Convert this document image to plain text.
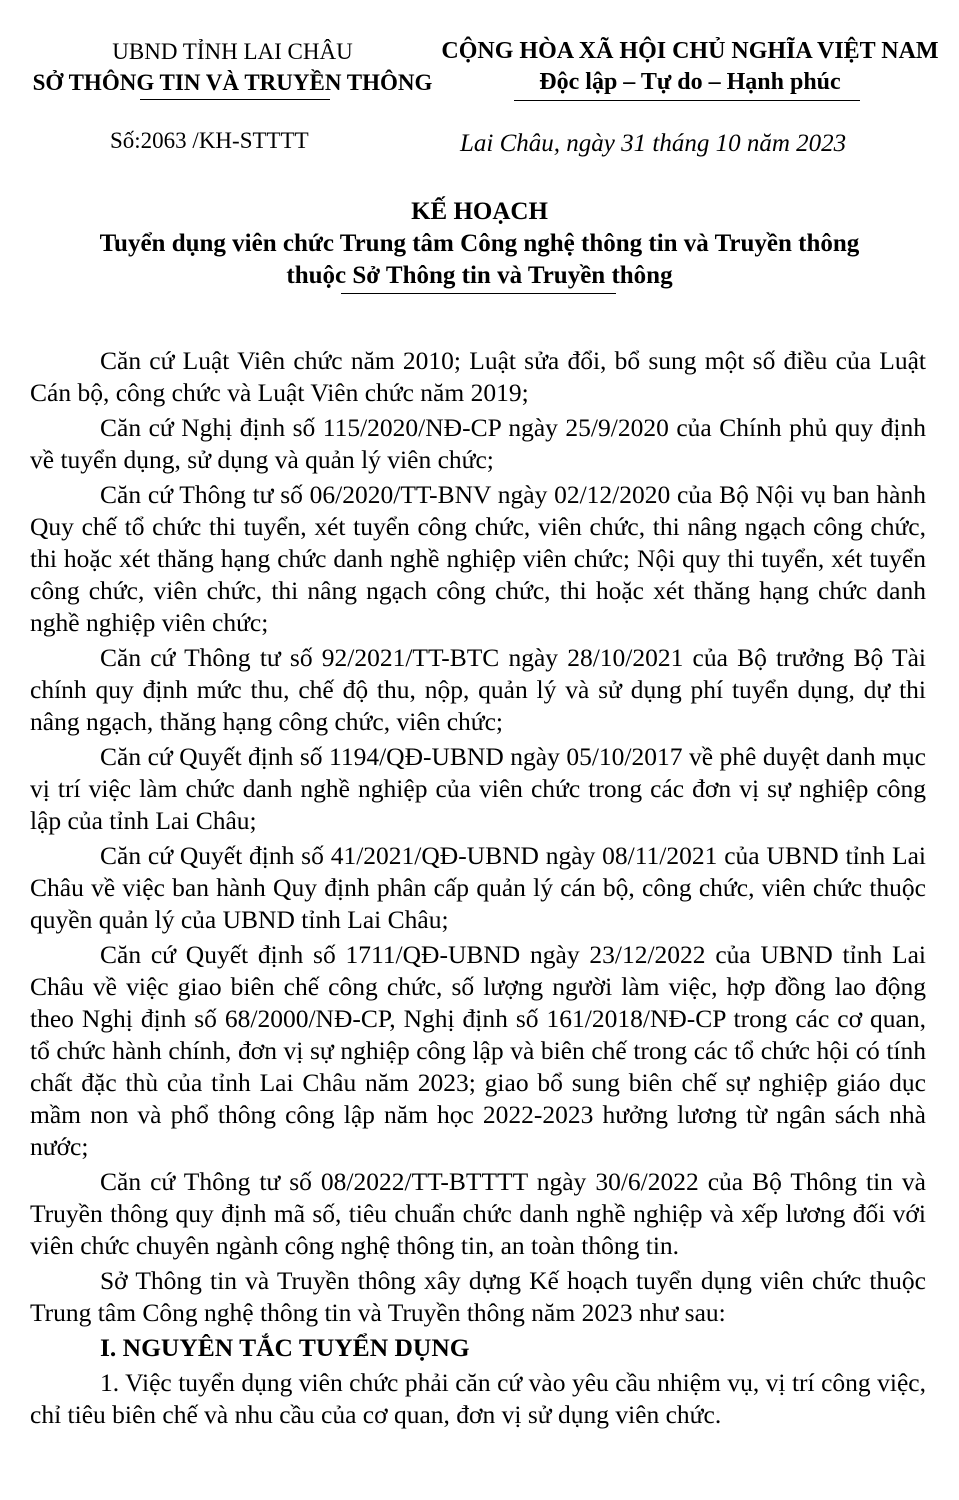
UBND TỈNH LAI CHÂU
SỞ THÔNG TIN VÀ TRUYỀN THÔNG
CỘNG HÒA XÃ HỘI CHỦ NGHĨA VIỆT NAM
Độc lập – Tự do – Hạnh phúc
Số:2063 /KH-STTTT	Lai Châu, ngày 31 tháng 10 năm 2023
KẾ HOẠCH
Tuyển dụng viên chức Trung tâm Công nghệ thông tin và Truyền thông
thuộc Sở Thông tin và Truyền thông

Căn cứ Luật Viên chức năm 2010; Luật sửa đổi, bổ sung một số điều của Luật Cán bộ, công chức và Luật Viên chức năm 2019;

Căn cứ Nghị định số 115/2020/NĐ-CP ngày 25/9/2020 của Chính phủ quy định về tuyển dụng, sử dụng và quản lý viên chức;

Căn cứ Thông tư số 06/2020/TT-BNV ngày 02/12/2020 của Bộ Nội vụ ban hành Quy chế tổ chức thi tuyển, xét tuyển công chức, viên chức, thi nâng ngạch công chức, thi hoặc xét thăng hạng chức danh nghề nghiệp viên chức; Nội quy thi tuyển, xét tuyển công chức, viên chức, thi nâng ngạch công chức, thi hoặc xét thăng hạng chức danh nghề nghiệp viên chức;

Căn cứ Thông tư số 92/2021/TT-BTC ngày 28/10/2021 của Bộ trưởng Bộ Tài chính quy định mức thu, chế độ thu, nộp, quản lý và sử dụng phí tuyển dụng, dự thi nâng ngạch, thăng hạng công chức, viên chức;

Căn cứ Quyết định số 1194/QĐ-UBND ngày 05/10/2017 về phê duyệt danh mục vị trí việc làm chức danh nghề nghiệp của viên chức trong các đơn vị sự nghiệp công lập của tỉnh Lai Châu;

Căn cứ Quyết định số 41/2021/QĐ-UBND ngày 08/11/2021 của UBND tỉnh Lai Châu về việc ban hành Quy định phân cấp quản lý cán bộ, công chức, viên chức thuộc quyền quản lý của UBND tỉnh Lai Châu;

Căn cứ Quyết định số 1711/QĐ-UBND ngày 23/12/2022 của UBND tỉnh Lai Châu về việc giao biên chế công chức, số lượng người làm việc, hợp đồng lao động theo Nghị định số 68/2000/NĐ-CP, Nghị định số 161/2018/NĐ-CP trong các cơ quan, tổ chức hành chính, đơn vị sự nghiệp công lập và biên chế trong các tổ chức hội có tính chất đặc thù của tỉnh Lai Châu năm 2023; giao bổ sung biên chế sự nghiệp giáo dục mầm non và phổ thông công lập năm học 2022-2023 hưởng lương từ ngân sách nhà nước;

Căn cứ Thông tư số 08/2022/TT-BTTTT ngày 30/6/2022 của Bộ Thông tin và Truyền thông quy định mã số, tiêu chuẩn chức danh nghề nghiệp và xếp lương đối với viên chức chuyên ngành công nghệ thông tin, an toàn thông tin.

Sở Thông tin và Truyền thông xây dựng Kế hoạch tuyển dụng viên chức thuộc Trung tâm Công nghệ thông tin và Truyền thông năm 2023 như sau:

I. NGUYÊN TẮC TUYỂN DỤNG

1. Việc tuyển dụng viên chức phải căn cứ vào yêu cầu nhiệm vụ, vị trí công việc, chỉ tiêu biên chế và nhu cầu của cơ quan, đơn vị sử dụng viên chức.
